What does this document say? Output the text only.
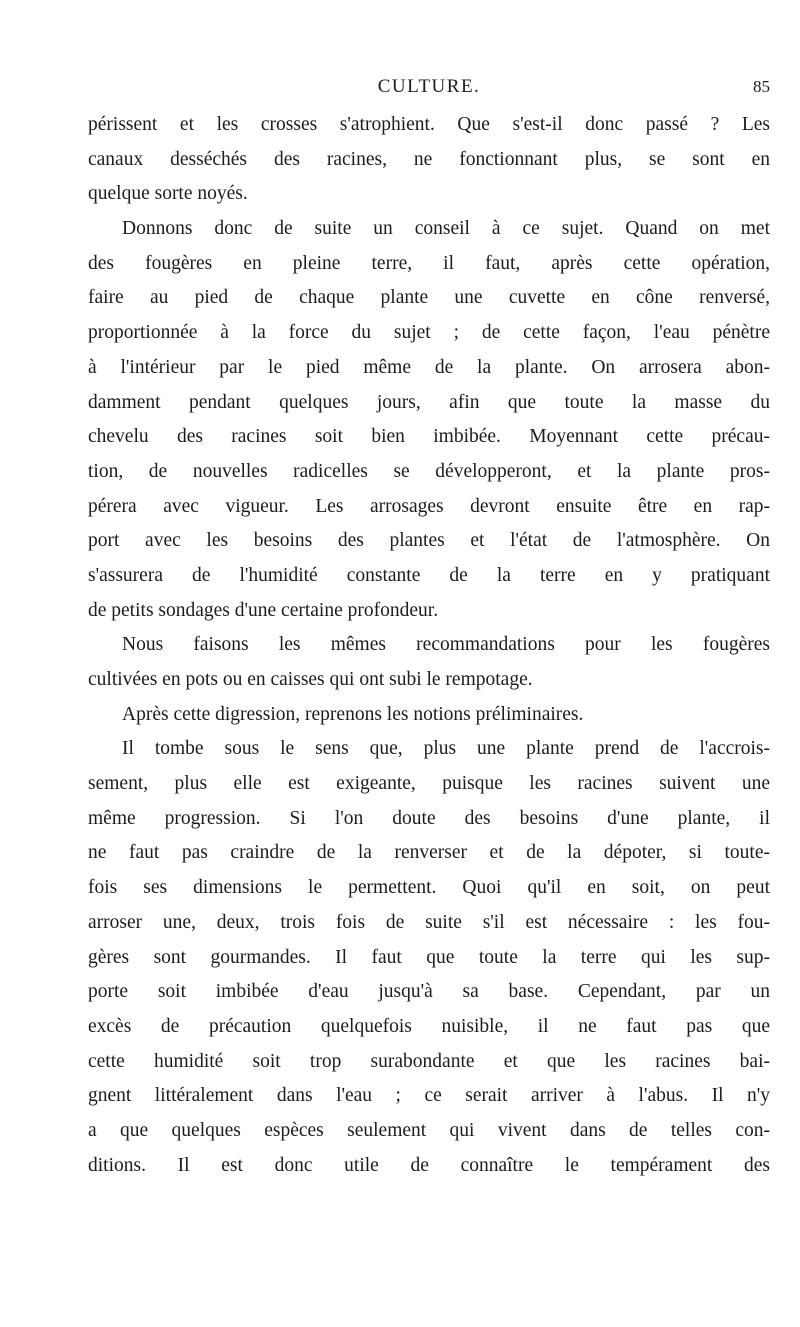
CULTURE.	85
périssent et les crosses s'atrophient. Que s'est-il donc passé ? Les
canaux desséchés des racines, ne fonctionnant plus, se sont en
quelque sorte noyés.
Donnons donc de suite un conseil à ce sujet. Quand on met
des fougères en pleine terre, il faut, après cette opération,
faire au pied de chaque plante une cuvette en cône renversé,
proportionnée à la force du sujet ; de cette façon, l'eau pénètre
à l'intérieur par le pied même de la plante. On arrosera abon-
damment pendant quelques jours, afin que toute la masse du
chevelu des racines soit bien imbibée. Moyennant cette précau-
tion, de nouvelles radicelles se développeront, et la plante pros-
pérera avec vigueur. Les arrosages devront ensuite être en rap-
port avec les besoins des plantes et l'état de l'atmosphère. On
s'assurera de l'humidité constante de la terre en y pratiquant
de petits sondages d'une certaine profondeur.
Nous faisons les mêmes recommandations pour les fougères
cultivées en pots ou en caisses qui ont subi le rempotage.
Après cette digression, reprenons les notions préliminaires.
Il tombe sous le sens que, plus une plante prend de l'accrois-
sement, plus elle est exigeante, puisque les racines suivent une
même progression. Si l'on doute des besoins d'une plante, il
ne faut pas craindre de la renverser et de la dépoter, si toute-
fois ses dimensions le permettent. Quoi qu'il en soit, on peut
arroser une, deux, trois fois de suite s'il est nécessaire : les fou-
gères sont gourmandes. Il faut que toute la terre qui les sup-
porte soit imbibée d'eau jusqu'à sa base. Cependant, par un
excès de précaution quelquefois nuisible, il ne faut pas que
cette humidité soit trop surabondante et que les racines bai-
gnent littéralement dans l'eau ; ce serait arriver à l'abus. Il n'y
a que quelques espèces seulement qui vivent dans de telles con-
ditions. Il est donc utile de connaître le tempérament des
